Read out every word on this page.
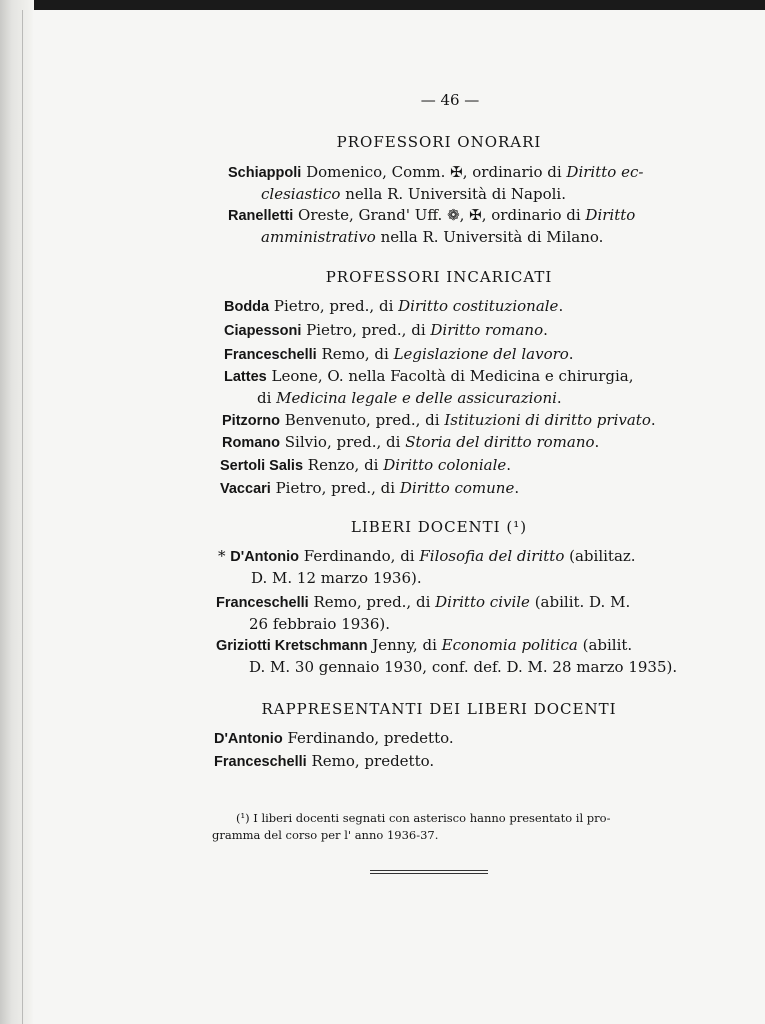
— 46 —
PROFESSORI ONORARI
Schiappoli Domenico, Comm. ✠, ordinario di Diritto ec-
clesiastico nella R. Università di Napoli.
Ranelletti Oreste, Grand' Uff. ❁, ✠, ordinario di Diritto
amministrativo nella R. Università di Milano.
PROFESSORI INCARICATI
Bodda Pietro, pred., di Diritto costituzionale.
Ciapessoni Pietro, pred., di Diritto romano.
Franceschelli Remo, di Legislazione del lavoro.
Lattes Leone, O. nella Facoltà di Medicina e chirurgia,
di Medicina legale e delle assicurazioni.
Pitzorno Benvenuto, pred., di Istituzioni di diritto privato.
Romano Silvio, pred., di Storia del diritto romano.
Sertoli Salis Renzo, di Diritto coloniale.
Vaccari Pietro, pred., di Diritto comune.
LIBERI DOCENTI (¹)
* D'Antonio Ferdinando, di Filosofia del diritto (abilitaz.
D. M. 12 marzo 1936).
Franceschelli Remo, pred., di Diritto civile (abilit. D. M.
26 febbraio 1936).
Griziotti Kretschmann Jenny, di Economia politica (abilit.
D. M. 30 gennaio 1930, conf. def. D. M. 28 marzo 1935).
RAPPRESENTANTI DEI LIBERI DOCENTI
D'Antonio Ferdinando, predetto.
Franceschelli Remo, predetto.
(¹) I liberi docenti segnati con asterisco hanno presentato il pro-
gramma del corso per l' anno 1936-37.
